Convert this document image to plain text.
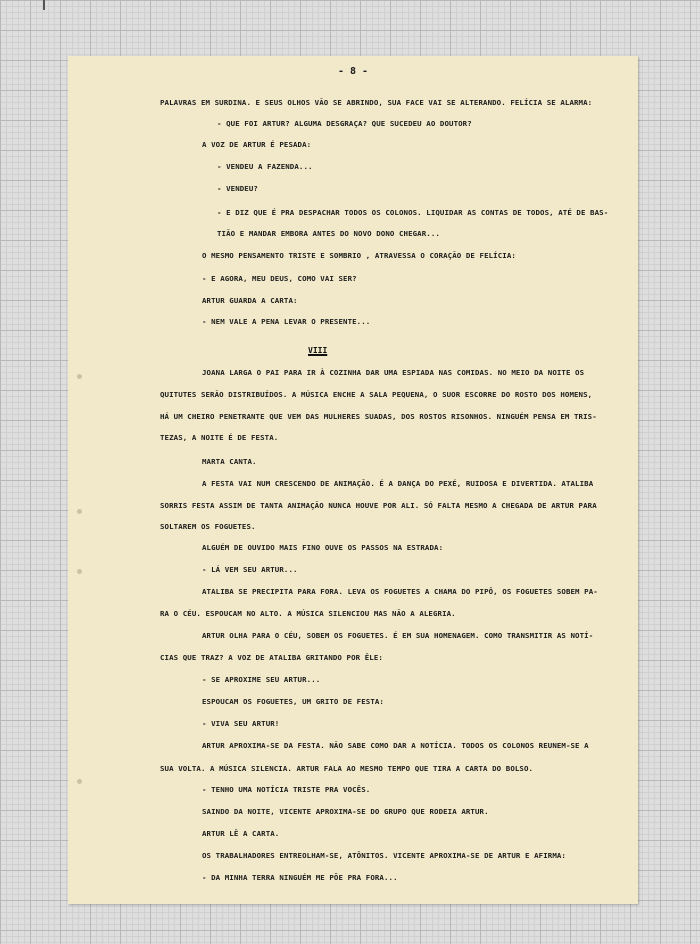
- 8 -
PALAVRAS EM SURDINA. E SEUS OLHOS VÃO SE ABRINDO, SUA FACE VAI SE ALTERANDO. FELÍCIA SE ALARMA:
- QUE FOI ARTUR? ALGUMA DESGRAÇA? QUE SUCEDEU AO DOUTOR?
A VOZ DE ARTUR É PESADA:
- VENDEU A FAZENDA...
- VENDEU?
- E DIZ QUE É PRA DESPACHAR TODOS OS COLONOS. LIQUIDAR AS CONTAS DE TODOS, ATÉ DE BAS-
TIÃO E MANDAR EMBORA ANTES DO NOVO DONO CHEGAR...
O MESMO PENSAMENTO TRISTE E SOMBRIO , ATRAVESSA O CORAÇÃO DE FELÍCIA:
- E AGORA, MEU DEUS, COMO VAI SER?
ARTUR GUARDA A CARTA:
- NEM VALE A PENA LEVAR O PRESENTE...
VIII
JOANA LARGA O PAI PARA IR À COZINHA DAR UMA ESPIADA NAS COMIDAS. NO MEIO DA NOITE OS
QUITUTES SERÃO DISTRIBUÍDOS. A MÚSICA ENCHE A SALA PEQUENA, O SUOR ESCORRE DO ROSTO DOS HOMENS,
HÁ UM CHEIRO PENETRANTE QUE VEM DAS MULHERES SUADAS, DOS ROSTOS RISONHOS. NINGUÉM PENSA EM TRIS-
TEZAS, A NOITE É DE FESTA.
MARTA CANTA.
A FESTA VAI NUM CRESCENDO DE ANIMAÇÃO. É A DANÇA DO PEXÉ, RUIDOSA E DIVERTIDA. ATALIBA
SORRIS FESTA ASSIM DE TANTA ANIMAÇÃO NUNCA HOUVE POR ALI. SÓ FALTA MESMO A CHEGADA DE ARTUR PARA
SOLTAREM OS FOGUETES.
ALGUÉM DE OUVIDO MAIS FINO OUVE OS PASSOS NA ESTRADA:
- LÁ VEM SEU ARTUR...
ATALIBA SE PRECIPITA PARA FORA. LEVA OS FOGUETES A CHAMA DO PIPÔ, OS FOGUETES SOBEM PA-
RA O CÉU. ESPOUCAM NO ALTO. A MÚSICA SILENCIOU MAS NÃO A ALEGRIA.
ARTUR OLHA PARA O CÉU, SOBEM OS FOGUETES. É EM SUA HOMENAGEM. COMO TRANSMITIR AS NOTÍ-
CIAS QUE TRAZ? A VOZ DE ATALIBA GRITANDO POR ÊLE:
- SE APROXIME SEU ARTUR...
ESPOUCAM OS FOGUETES, UM GRITO DE FESTA:
- VIVA SEU ARTUR!
ARTUR APROXIMA-SE DA FESTA. NÃO SABE COMO DAR A NOTÍCIA. TODOS OS COLONOS REUNEM-SE A
SUA VOLTA. A MÚSICA SILENCIA. ARTUR FALA AO MESMO TEMPO QUE TIRA A CARTA DO BOLSO.
- TENHO UMA NOTÍCIA TRISTE PRA VOCÊS.
SAINDO DA NOITE, VICENTE APROXIMA-SE DO GRUPO QUE RODEIA ARTUR.
ARTUR LÊ A CARTA.
OS TRABALHADORES ENTREOLHAM-SE, ATÔNITOS. VICENTE APROXIMA-SE DE ARTUR E AFIRMA:
- DA MINHA TERRA NINGUÉM ME PÕE PRA FORA...
